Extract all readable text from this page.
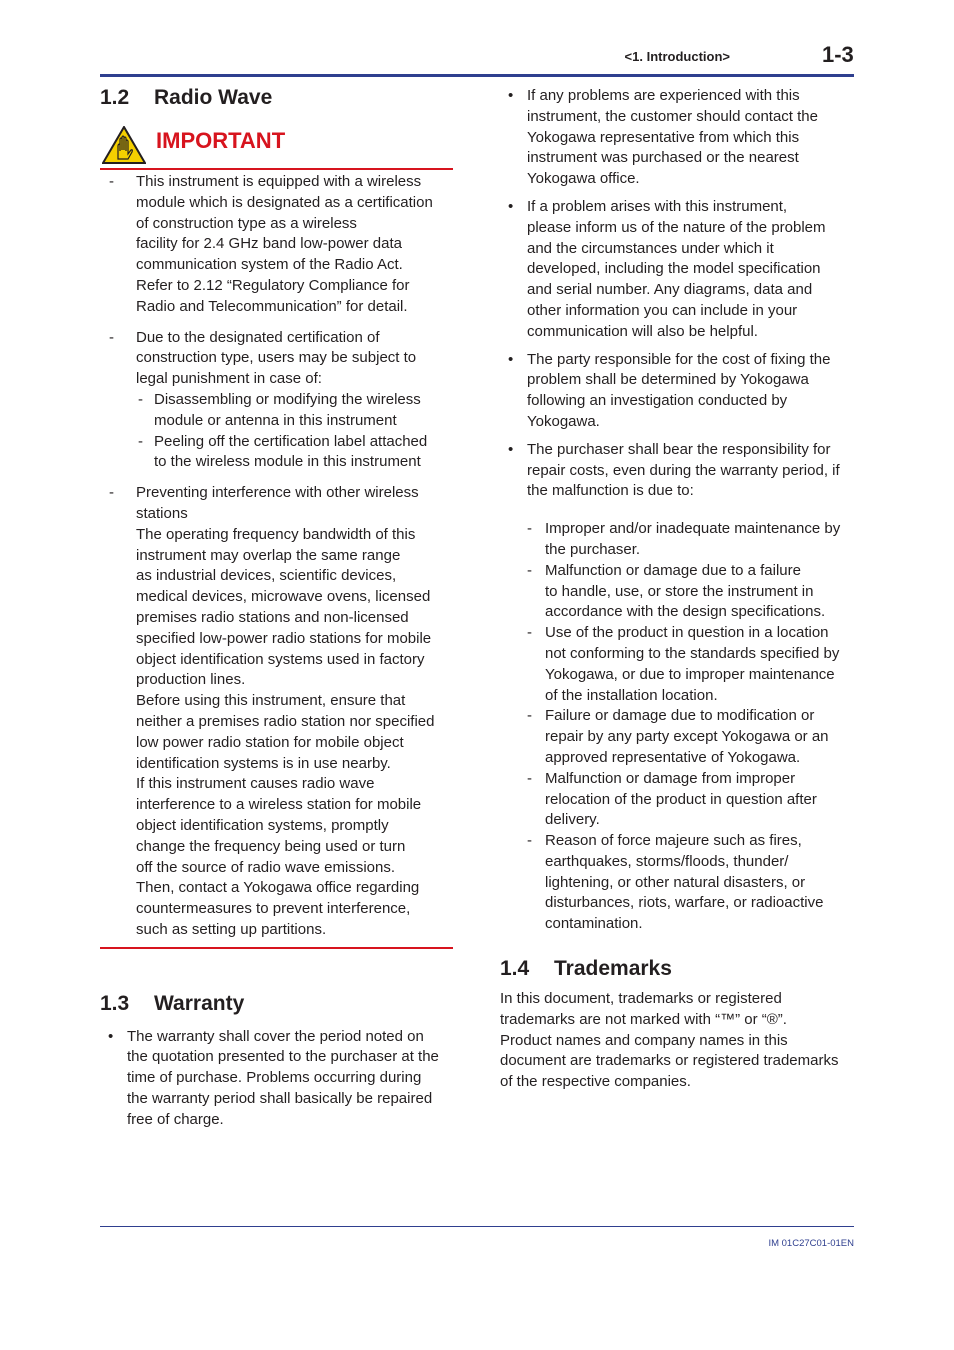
<1. Introduction>	1-3
1.2 Radio Wave
IMPORTANT
- This instrument is equipped with a wireless
module which is designated as a certification
of construction type as a wireless
facility for 2.4 GHz band low-power data
communication system of the Radio Act.
Refer to 2.12 “Regulatory Compliance for
Radio and Telecommunication” for detail.
- Due to the designated certification of
construction type, users may be subject to
legal punishment in case of:
- Disassembling or modifying the wireless
module or antenna in this instrument
- Peeling off the certification label attached
to the wireless module in this instrument
- Preventing interference with other wireless
stations
The operating frequency bandwidth of this
instrument may overlap the same range
as industrial devices, scientific devices,
medical devices, microwave ovens, licensed
premises radio stations and non-licensed
specified low-power radio stations for mobile
object identification systems used in factory
production lines.
Before using this instrument, ensure that
neither a premises radio station nor specified
low power radio station for mobile object
identification systems is in use nearby.
If this instrument causes radio wave
interference to a wireless station for mobile
object identification systems, promptly
change the frequency being used or turn
off the source of radio wave emissions.
Then, contact a Yokogawa office regarding
countermeasures to prevent interference,
such as setting up partitions.
1.3 Warranty
• The warranty shall cover the period noted on
the quotation presented to the purchaser at the
time of purchase. Problems occurring during
the warranty period shall basically be repaired
free of charge.
• If any problems are experienced with this
instrument, the customer should contact the
Yokogawa representative from which this
instrument was purchased or the nearest
Yokogawa office.
• If a problem arises with this instrument,
please inform us of the nature of the problem
and the circumstances under which it
developed, including the model specification
and serial number. Any diagrams, data and
other information you can include in your
communication will also be helpful.
• The party responsible for the cost of fixing the
problem shall be determined by Yokogawa
following an investigation conducted by
Yokogawa.
• The purchaser shall bear the responsibility for
repair costs, even during the warranty period, if
the malfunction is due to:
- Improper and/or inadequate maintenance by
the purchaser.
- Malfunction or damage due to a failure
to handle, use, or store the instrument in
accordance with the design specifications.
- Use of the product in question in a location
not conforming to the standards specified by
Yokogawa, or due to improper maintenance
of the installation location.
- Failure or damage due to modification or
repair by any party except Yokogawa or an
approved representative of Yokogawa.
- Malfunction or damage from improper
relocation of the product in question after
delivery.
- Reason of force majeure such as fires,
earthquakes, storms/floods, thunder/
lightening, or other natural disasters, or
disturbances, riots, warfare, or radioactive
contamination.
1.4 Trademarks
In this document, trademarks or registered
trademarks are not marked with “™” or “®”.
Product names and company names in this
document are trademarks or registered trademarks
of the respective companies.
IM 01C27C01-01EN
